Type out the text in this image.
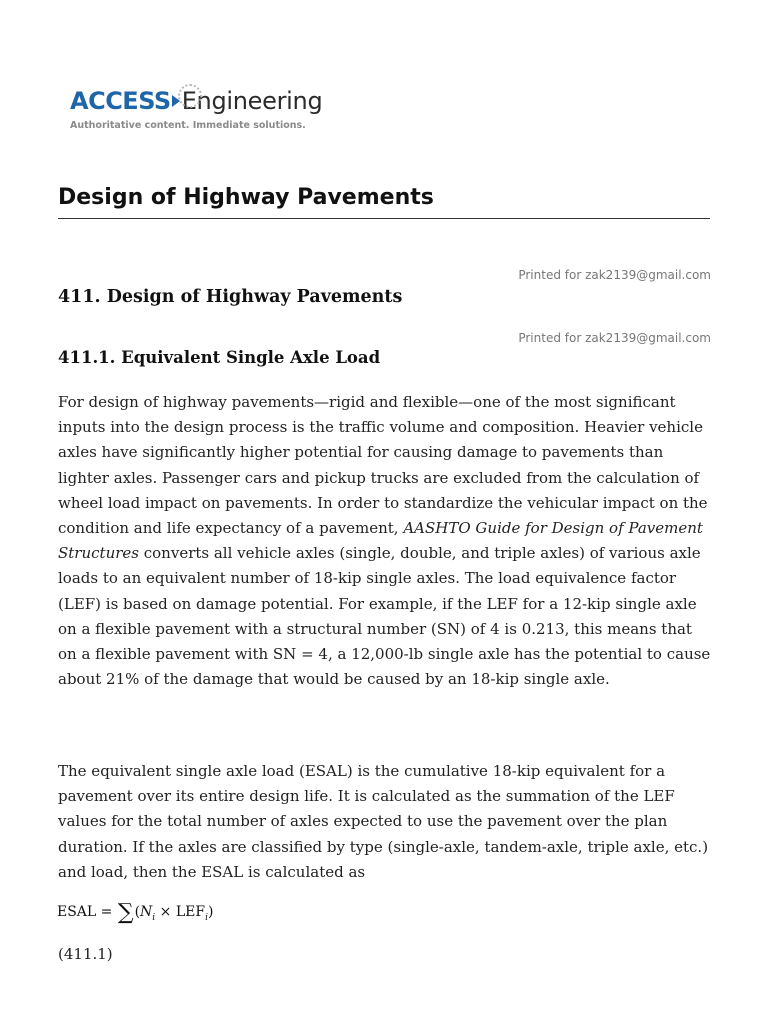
ACCESS Engineering
Authoritative content. Immediate solutions.
Design of Highway Pavements
Printed for zak2139@gmail.com
411. Design of Highway Pavements
Printed for zak2139@gmail.com
411.1. Equivalent Single Axle Load

For design of highway pavements—rigid and flexible—one of the most significant inputs into the design process is the traffic volume and composition. Heavier vehicle axles have significantly higher potential for causing damage to pavements than lighter axles. Passenger cars and pickup trucks are excluded from the calculation of wheel load impact on pavements. In order to standardize the vehicular impact on the condition and life expectancy of a pavement, AASHTO Guide for Design of Pavement Structures converts all vehicle axles (single, double, and triple axles) of various axle loads to an equivalent number of 18-kip single axles. The load equivalence factor (LEF) is based on damage potential. For example, if the LEF for a 12-kip single axle on a flexible pavement with a structural number (SN) of 4 is 0.213, this means that on a flexible pavement with SN = 4, a 12,000-lb single axle has the potential to cause about 21% of the damage that would be caused by an 18-kip single axle.

The equivalent single axle load (ESAL) is the cumulative 18-kip equivalent for a pavement over its entire design life. It is calculated as the summation of the LEF values for the total number of axles expected to use the pavement over the plan duration. If the axles are classified by type (single-axle, tandem-axle, triple axle, etc.) and load, then the ESAL is calculated as

ESAL = $\sum(N_i \times LEF_i)$
(411.1)
